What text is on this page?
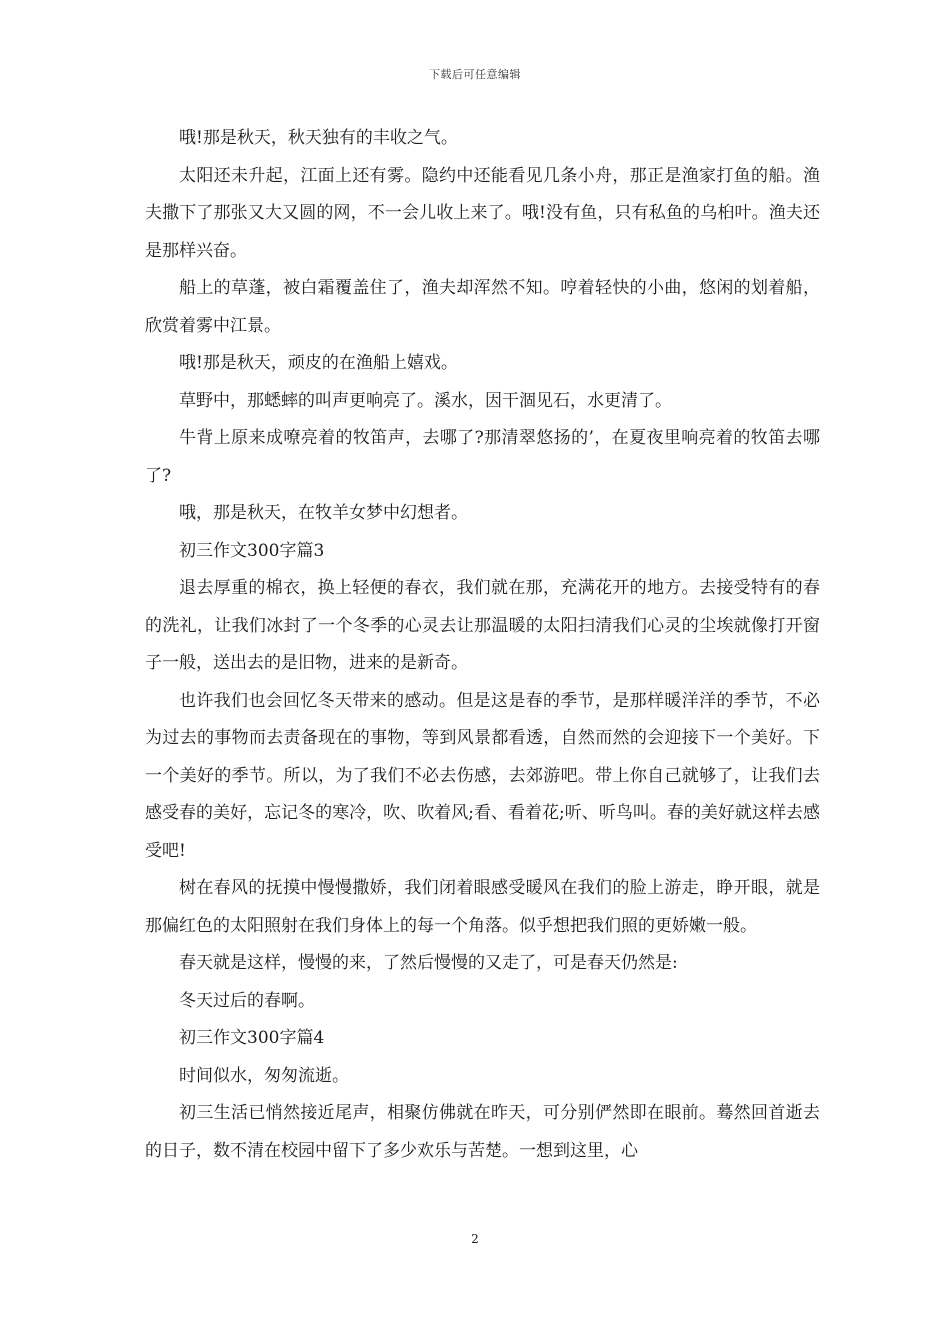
下载后可任意编辑

哦!那是秋天，秋天独有的丰收之气。

太阳还未升起，江面上还有雾。隐约中还能看见几条小舟，那正是渔家打鱼的船。渔夫撒下了那张又大又圆的网，不一会儿收上来了。哦!没有鱼，只有私鱼的乌桕叶。渔夫还是那样兴奋。

船上的草蓬，被白霜覆盖住了，渔夫却浑然不知。哼着轻快的小曲，悠闲的划着船，欣赏着雾中江景。

哦!那是秋天，顽皮的在渔船上嬉戏。

草野中，那蟋蟀的叫声更响亮了。溪水，因干涸见石，水更清了。

牛背上原来成嘹亮着的牧笛声，去哪了?那清翠悠扬的’，在夏夜里响亮着的牧笛去哪了?

哦，那是秋天，在牧羊女梦中幻想者。

初三作文300字篇3

退去厚重的棉衣，换上轻便的春衣，我们就在那，充满花开的地方。去接受特有的春的洗礼，让我们冰封了一个冬季的心灵去让那温暖的太阳扫清我们心灵的尘埃就像打开窗子一般，送出去的是旧物，进来的是新奇。

也许我们也会回忆冬天带来的感动。但是这是春的季节，是那样暖洋洋的季节，不必为过去的事物而去责备现在的事物，等到风景都看透，自然而然的会迎接下一个美好。下一个美好的季节。所以，为了我们不必去伤感，去郊游吧。带上你自己就够了，让我们去感受春的美好，忘记冬的寒冷，吹、吹着风;看、看着花;听、听鸟叫。春的美好就这样去感受吧!

树在春风的抚摸中慢慢撒娇，我们闭着眼感受暖风在我们的脸上游走，睁开眼，就是那偏红色的太阳照射在我们身体上的每一个角落。似乎想把我们照的更娇嫩一般。

春天就是这样，慢慢的来，了然后慢慢的又走了，可是春天仍然是:

冬天过后的春啊。

初三作文300字篇4

时间似水，匆匆流逝。

初三生活已悄然接近尾声，相聚仿佛就在昨天，可分别俨然即在眼前。蓦然回首逝去的日子，数不清在校园中留下了多少欢乐与苦楚。一想到这里，心

2
